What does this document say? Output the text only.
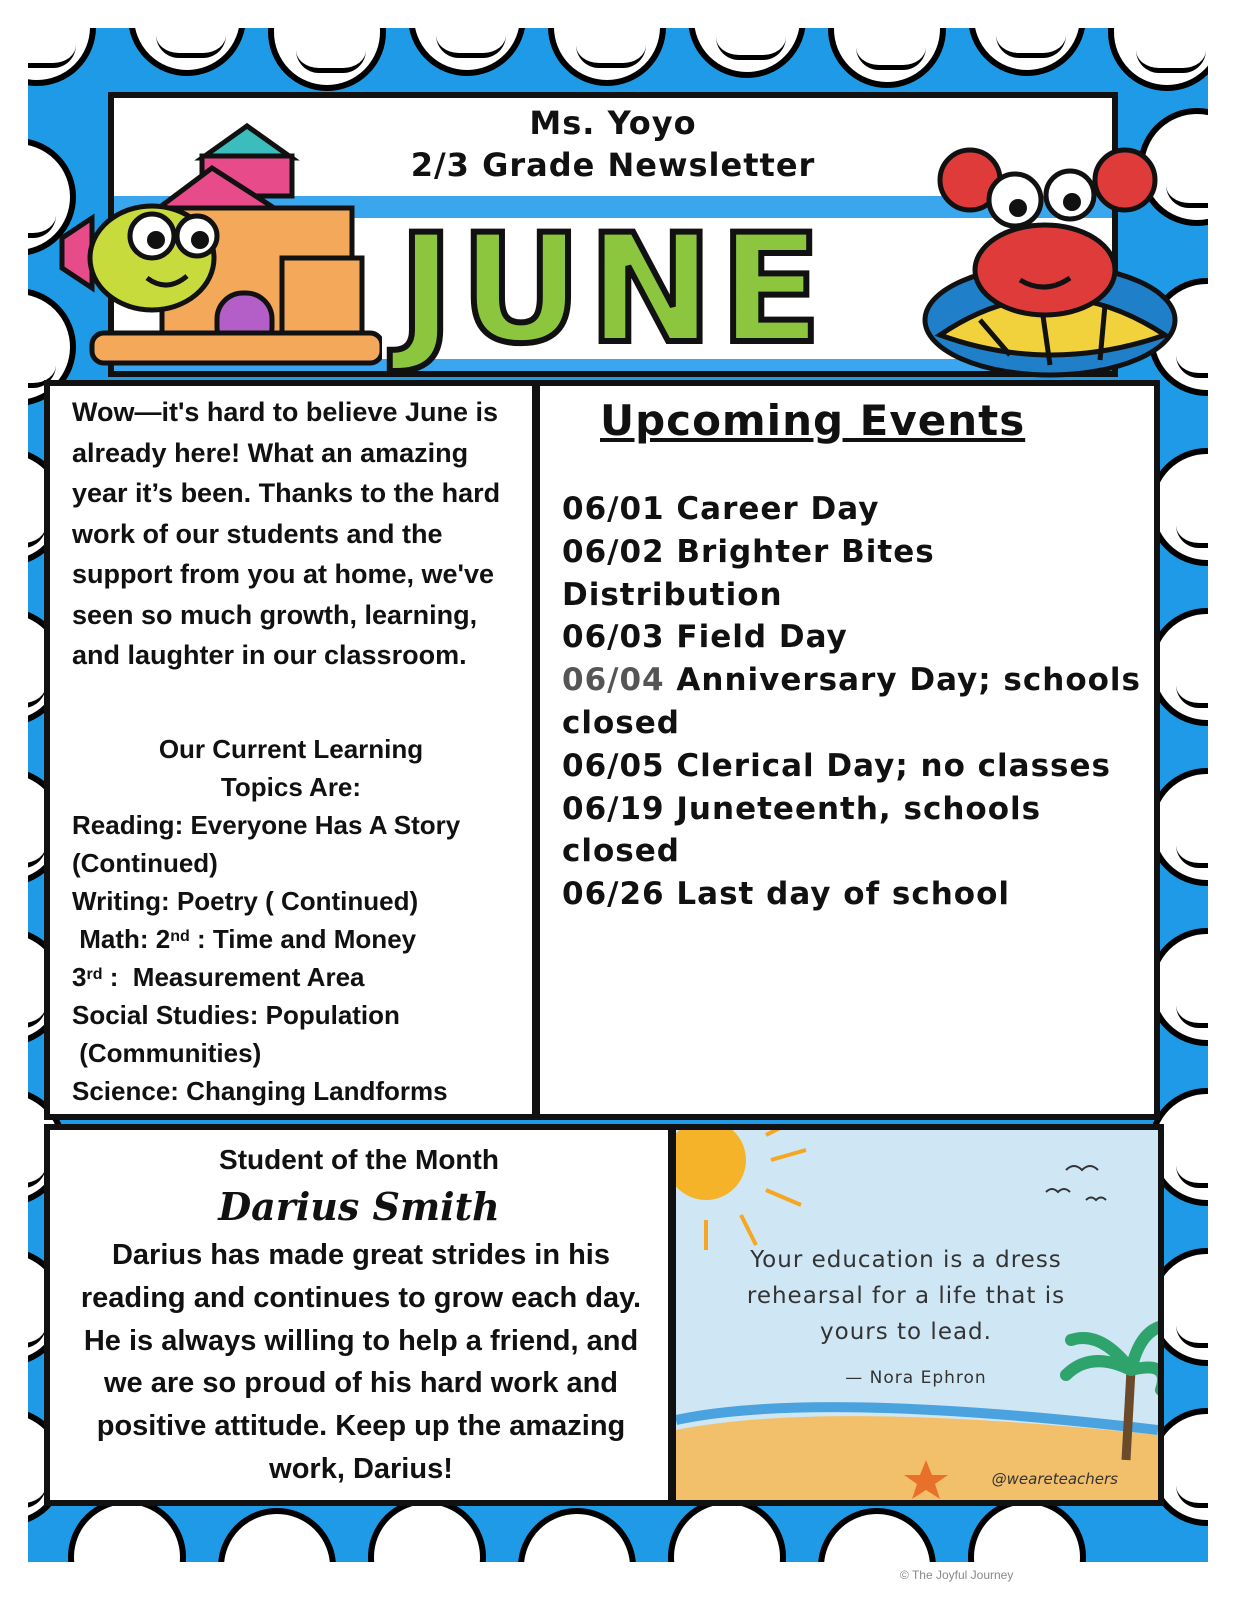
Ms. Yoyo
2/3 Grade Newsletter
JUNE
Wow—it's hard to believe June is already here! What an amazing year it’s been. Thanks to the hard work of our students and the support from you at home, we've seen so much growth, learning, and laughter in our classroom.
Our Current Learning
Topics Are:
Reading: Everyone Has A Story
(Continued)
Writing: Poetry ( Continued)
Math: 2nd : Time and Money
3rd :  Measurement Area
Social Studies: Population
(Communities)
Science: Changing Landforms
Upcoming Events
06/01 Career Day
06/02 Brighter Bites Distribution
06/03 Field Day
06/04 Anniversary Day; schools closed
06/05 Clerical Day; no classes
06/19 Juneteenth, schools closed
06/26 Last day of school
Student of the Month
Darius Smith
Darius has made great strides in his reading and continues to grow each day. He is always willing to help a friend, and we are so proud of his hard work and positive attitude. Keep up the amazing work, Darius!
Your education is a dress rehearsal for a life that is yours to lead.
— Nora Ephron
@weareteachers
© The Joyful Journey
